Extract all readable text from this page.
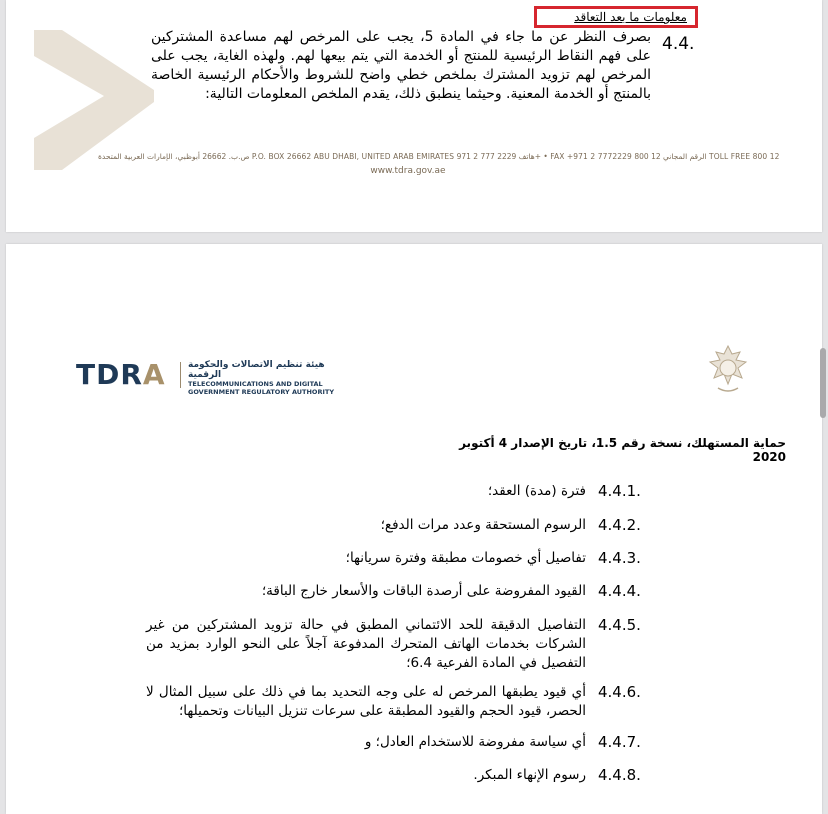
معلومات ما بعد التعاقد
4.4.
بصرف النظر عن ما جاء في المادة 5، يجب على المرخص لهم مساعدة المشتركين على فهم النقاط الرئيسية للمنتج أو الخدمة التي يتم بيعها لهم. ولهذه الغاية، يجب على المرخص لهم تزويد المشترك بملخص خطي واضح للشروط والأحكام الرئيسية الخاصة بالمنتج أو الخدمة المعنية. وحيثما ينطبق ذلك، يقدم الملخص المعلومات التالية:
ص.ب. 26662 أبوظبي، الإمارات العربية المتحدة P.O. BOX 26662 ABU DHABI, UNITED ARAB EMIRATES هاتف 2229 777 2 971+ • FAX +971 2 7772229 الرقم المجاني 12 800 TOLL FREE 800 12
www.tdra.gov.ae
TDRA هيئة تنظيم الاتصالات والحكومة الرقمية
TELECOMMUNICATIONS AND DIGITAL
GOVERNMENT REGULATORY AUTHORITY
حماية المستهلك، نسخة رقم 1.5، تاريخ الإصدار 4 أكتوبر 2020
4.4.1.
فترة (مدة) العقد؛
4.4.2.
الرسوم المستحقة وعدد مرات الدفع؛
4.4.3.
تفاصيل أي خصومات مطبقة وفترة سريانها؛
4.4.4.
القيود المفروضة على أرصدة الباقات والأسعار خارج الباقة؛
4.4.5.
التفاصيل الدقيقة للحد الائتماني المطبق في حالة تزويد المشتركين من غير الشركات بخدمات الهاتف المتحرك المدفوعة آجلاً على النحو الوارد بمزيد من التفصيل في المادة الفرعية 6.4؛
4.4.6.
أي قيود يطبقها المرخص له على وجه التحديد بما في ذلك على سبيل المثال لا الحصر، قيود الحجم والقيود المطبقة على سرعات تنزيل البيانات وتحميلها؛
4.4.7.
أي سياسة مفروضة للاستخدام العادل؛ و
4.4.8.
رسوم الإنهاء المبكر.
